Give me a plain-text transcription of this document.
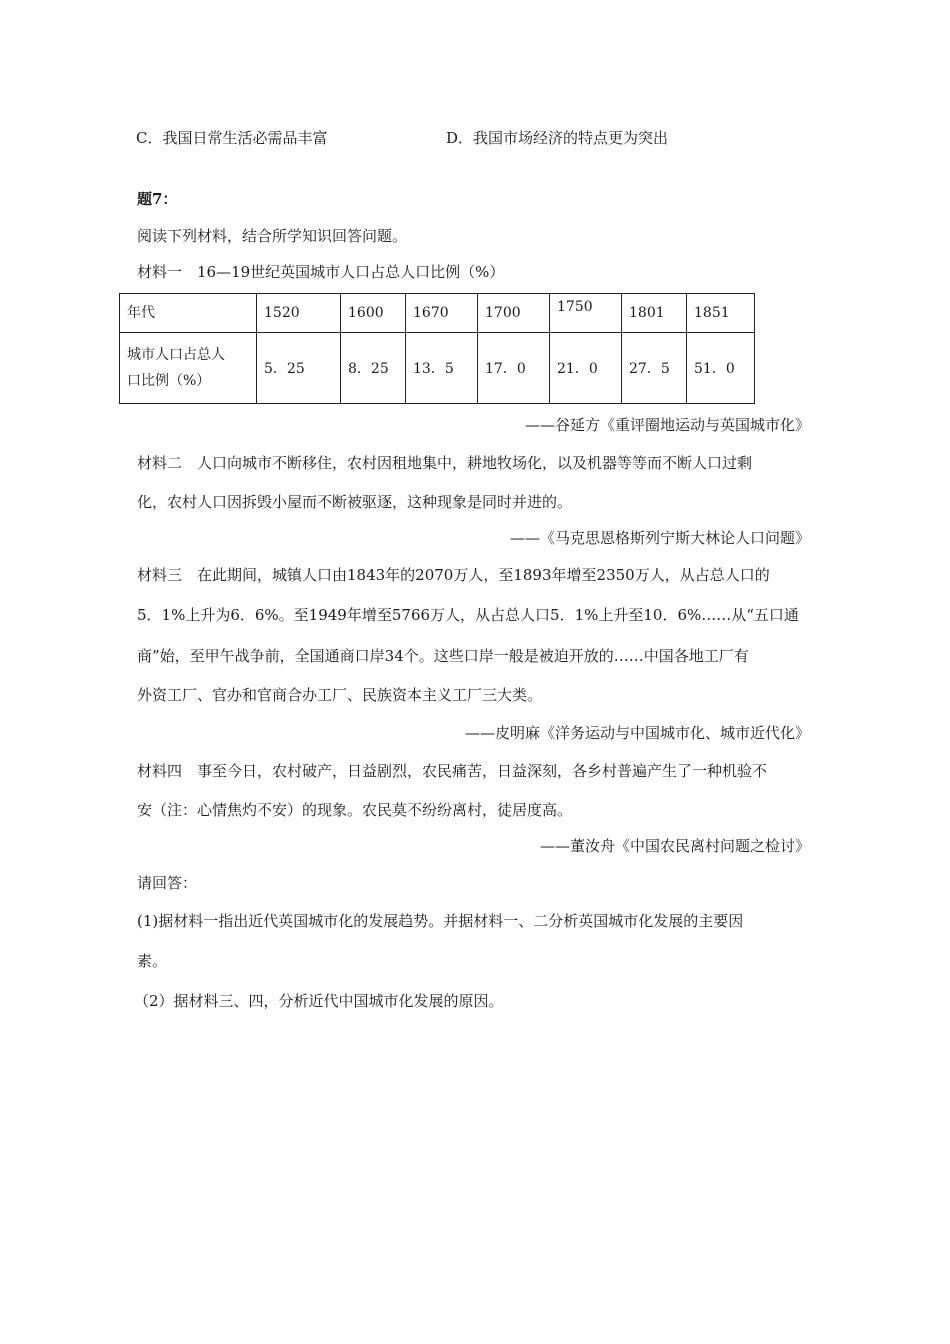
C．我国日常生活必需品丰富	D．我国市场经济的特点更为突出
题7：
阅读下列材料，结合所学知识回答问题。
材料一　16—19世纪英国城市人口占总人口比例（%）
年代	1520	1600	1670	1700	1750	1801	1851
城市人口占总人
口比例（%）	5．25	8．25	13．5	17．0	21．0	27．5	51．0
——谷延方《重评圈地运动与英国城市化》
材料二　人口向城市不断移住，农村因租地集中，耕地牧场化，以及机器等等而不断人口过剩
化，农村人口因拆毁小屋而不断被驱逐，这种现象是同时并进的。
——《马克思恩格斯列宁斯大林论人口问题》
材料三　在此期间，城镇人口由1843年的2070万人，至1893年增至2350万人，从占总人口的
5．1%上升为6．6%。至1949年增至5766万人，从占总人口5．1%上升至10．6%……从“五口通
商”始，至甲午战争前，全国通商口岸34个。这些口岸一般是被迫开放的……中国各地工厂有
外资工厂、官办和官商合办工厂、民族资本主义工厂三大类。
——皮明麻《洋务运动与中国城市化、城市近代化》
材料四　事至今日，农村破产，日益剧烈，农民痛苦，日益深刻，各乡村普遍产生了一种机验不
安（注：心情焦灼不安）的现象。农民莫不纷纷离村，徒居度高。
——董汝舟《中国农民离村问题之检讨》
请回答：
(1)据材料一指出近代英国城市化的发展趋势。并据材料一、二分析英国城市化发展的主要因
素。
（2）据材料三、四，分析近代中国城市化发展的原因。
